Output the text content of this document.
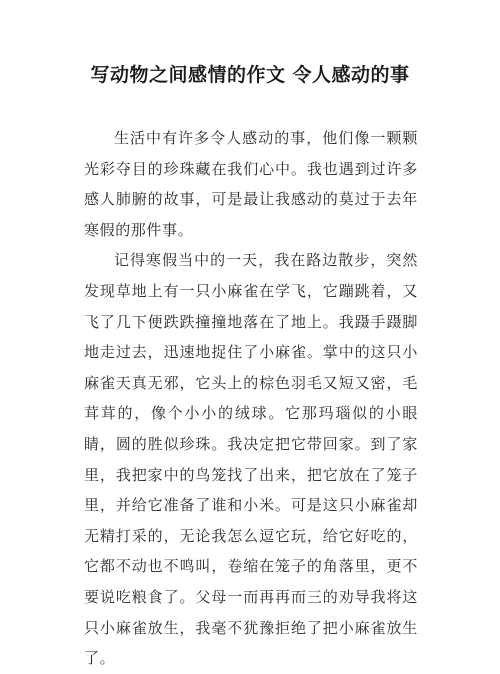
写动物之间感情的作文 令人感动的事

生活中有许多令人感动的事，他们像一颗颗光彩夺目的珍珠藏在我们心中。我也遇到过许多感人肺腑的故事，可是最让我感动的莫过于去年寒假的那件事。

记得寒假当中的一天，我在路边散步，突然发现草地上有一只小麻雀在学飞，它蹦跳着，又飞了几下便跌跌撞撞地落在了地上。我蹑手蹑脚地走过去，迅速地捉住了小麻雀。掌中的这只小麻雀天真无邪，它头上的棕色羽毛又短又密，毛茸茸的，像个小小的绒球。它那玛瑙似的小眼睛，圆的胜似珍珠。我决定把它带回家。到了家里，我把家中的鸟笼找了出来，把它放在了笼子里，并给它准备了谁和小米。可是这只小麻雀却无精打采的，无论我怎么逗它玩，给它好吃的，它都不动也不鸣叫，卷缩在笼子的角落里，更不要说吃粮食了。父母一而再再而三的劝导我将这只小麻雀放生，我毫不犹豫拒绝了把小麻雀放生了。
